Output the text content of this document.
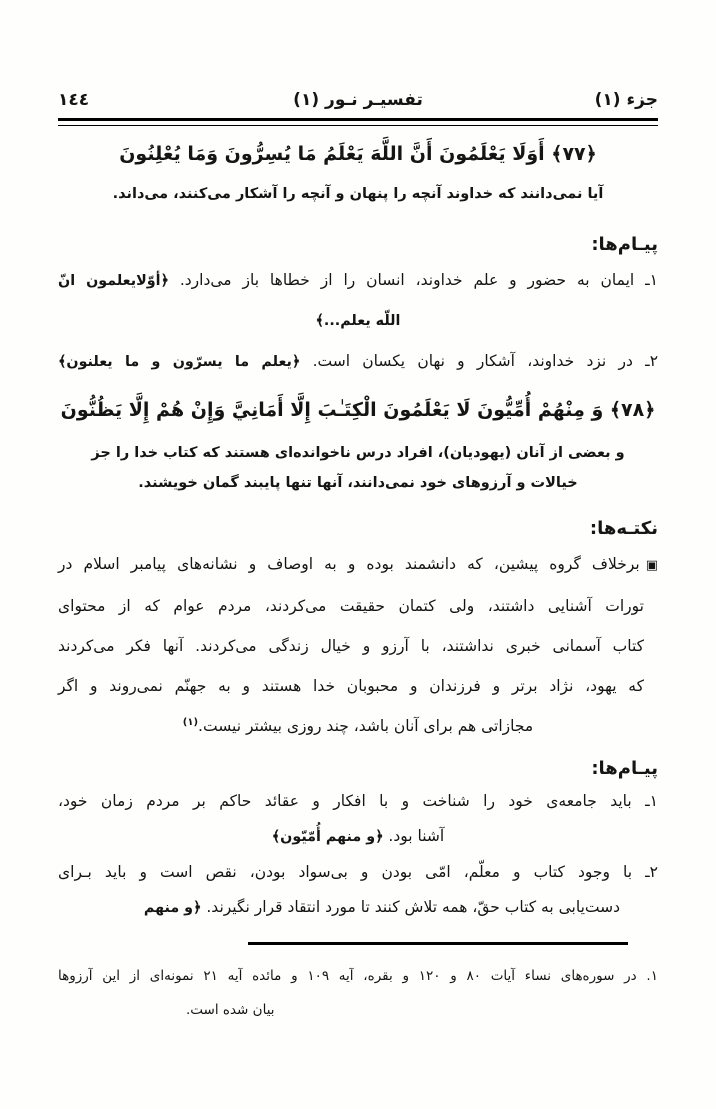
جزء (١)
تفسيـر نـور (١)
١٤٤
﴿٧٧﴾ أَوَلَا يَعْلَمُونَ أَنَّ اللَّهَ يَعْلَمُ مَا يُسِرُّونَ وَمَا يُعْلِنُونَ
آيا نمی‌دانند كه خداوند آنچه را پنهان و آنچه را آشكار می‌كنند، می‌داند.
پيـام‌ها:
١ـ ايمان به حضور و علم خداوند، انسان را از خطاها باز می‌دارد. ﴿أوّلايعلمون انّ
اللّه يعلم...﴾
٢ـ در نزد خداوند، آشكار و نهان يكسان است. ﴿يعلم ما يسرّون و ما يعلنون﴾
﴿٧٨﴾ وَ مِنْهُمْ أُمِّيُّونَ لَا يَعْلَمُونَ الْكِتَـٰبَ إِلَّا أَمَانِيَّ وَإِنْ هُمْ إِلَّا يَظُنُّونَ
و بعضی از آنان (يهوديان)، افراد درس ناخوانده‌ای هستند كه كتاب خدا را جز
خيالات و آرزوهای خود نمی‌دانند، آنها تنها پايبند گمان خويشند.
نكتـه‌ها:
▣برخلاف گروه پيشين، كه دانشمند بوده و به اوصاف و نشانه‌های پيامبر اسلام در
تورات آشنايی داشتند، ولی كتمان حقيقت می‌كردند، مردم عوام كه از محتوای
كتاب آسمانی خبری نداشتند، با آرزو و خيال زندگی می‌كردند. آنها فكر می‌كردند
كه يهود، نژاد برتر و فرزندان و محبوبان خدا هستند و به جهنّم نمی‌روند و اگر
مجازاتی هم برای آنان باشد، چند روزی بيشتر نيست.$^{(١)}$
پيـام‌ها:
١ـ بايد جامعه‌ی خود را شناخت و با افكار و عقائد حاكم بر مردم زمان خود،
آشنا بود. ﴿و منهم أُمّيّون﴾
٢ـ با وجود كتاب و معلّم، امّی بودن و بی‌سواد بودن، نقص است و بايد بـرای
دست‌يابی به كتاب حقّ، همه تلاش كنند تا مورد انتقاد قرار نگيرند. ﴿و منهم
١. در سوره‌های نساء آيات ٨٠ و ١٢٠ و بقره، آيه ١٠٩ و مائده آيه ٢١ نمونه‌ای از اين آرزوها
بيان شده است.
